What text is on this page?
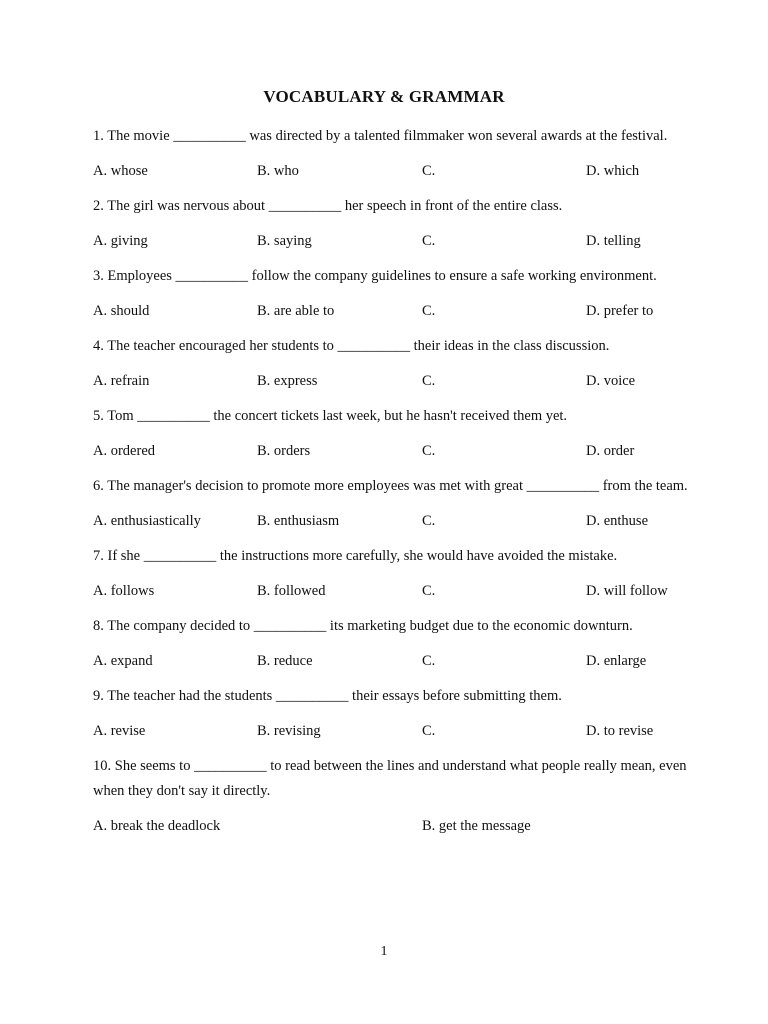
VOCABULARY & GRAMMAR
1. The movie __________ was directed by a talented filmmaker won several awards at the festival.
A. whose	B. who	C.	D. which
2. The girl was nervous about __________ her speech in front of the entire class.
A. giving	B. saying	C.	D. telling
3. Employees __________ follow the company guidelines to ensure a safe working environment.
A. should	B. are able to	C.	D. prefer to
4. The teacher encouraged her students to __________ their ideas in the class discussion.
A. refrain	B. express	C.	D. voice
5. Tom __________ the concert tickets last week, but he hasn't received them yet.
A. ordered	B. orders	C.	D. order
6. The manager's decision to promote more employees was met with great __________ from the team.
A. enthusiastically	B. enthusiasm	C.	D. enthuse
7. If she __________ the instructions more carefully, she would have avoided the mistake.
A. follows	B. followed	C.	D. will follow
8. The company decided to __________ its marketing budget due to the economic downturn.
A. expand	B. reduce	C.	D. enlarge
9. The teacher had the students __________ their essays before submitting them.
A. revise	B. revising	C.	D. to revise
10. She seems to __________ to read between the lines and understand what people really mean, even when they don't say it directly.
A. break the deadlock	B. get the message
1
